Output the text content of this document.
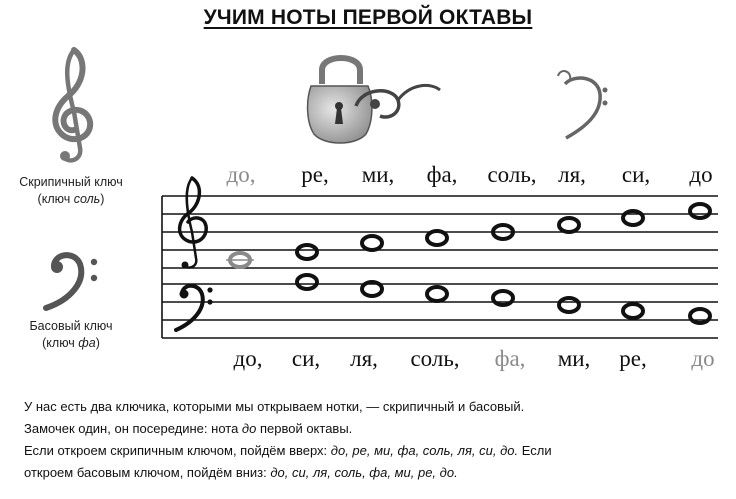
УЧИМ НОТЫ ПЕРВОЙ ОКТАВЫ
Скрипичный ключ
(ключ соль)
Басовый ключ
(ключ фа)
до, ре, ми, фа, соль, ля, си, до
до, си, ля, соль, фа, ми, ре, до

У нас есть два ключика, которыми мы открываем нотки, — скрипичный и басовый.

Замочек один, он посередине: нота до первой октавы.

Если откроем скрипичным ключом, пойдём вверх: до, ре, ми, фа, соль, ля, си, до. Если

откроем басовым ключом, пойдём вниз: до, си, ля, соль, фа, ми, ре, до.
